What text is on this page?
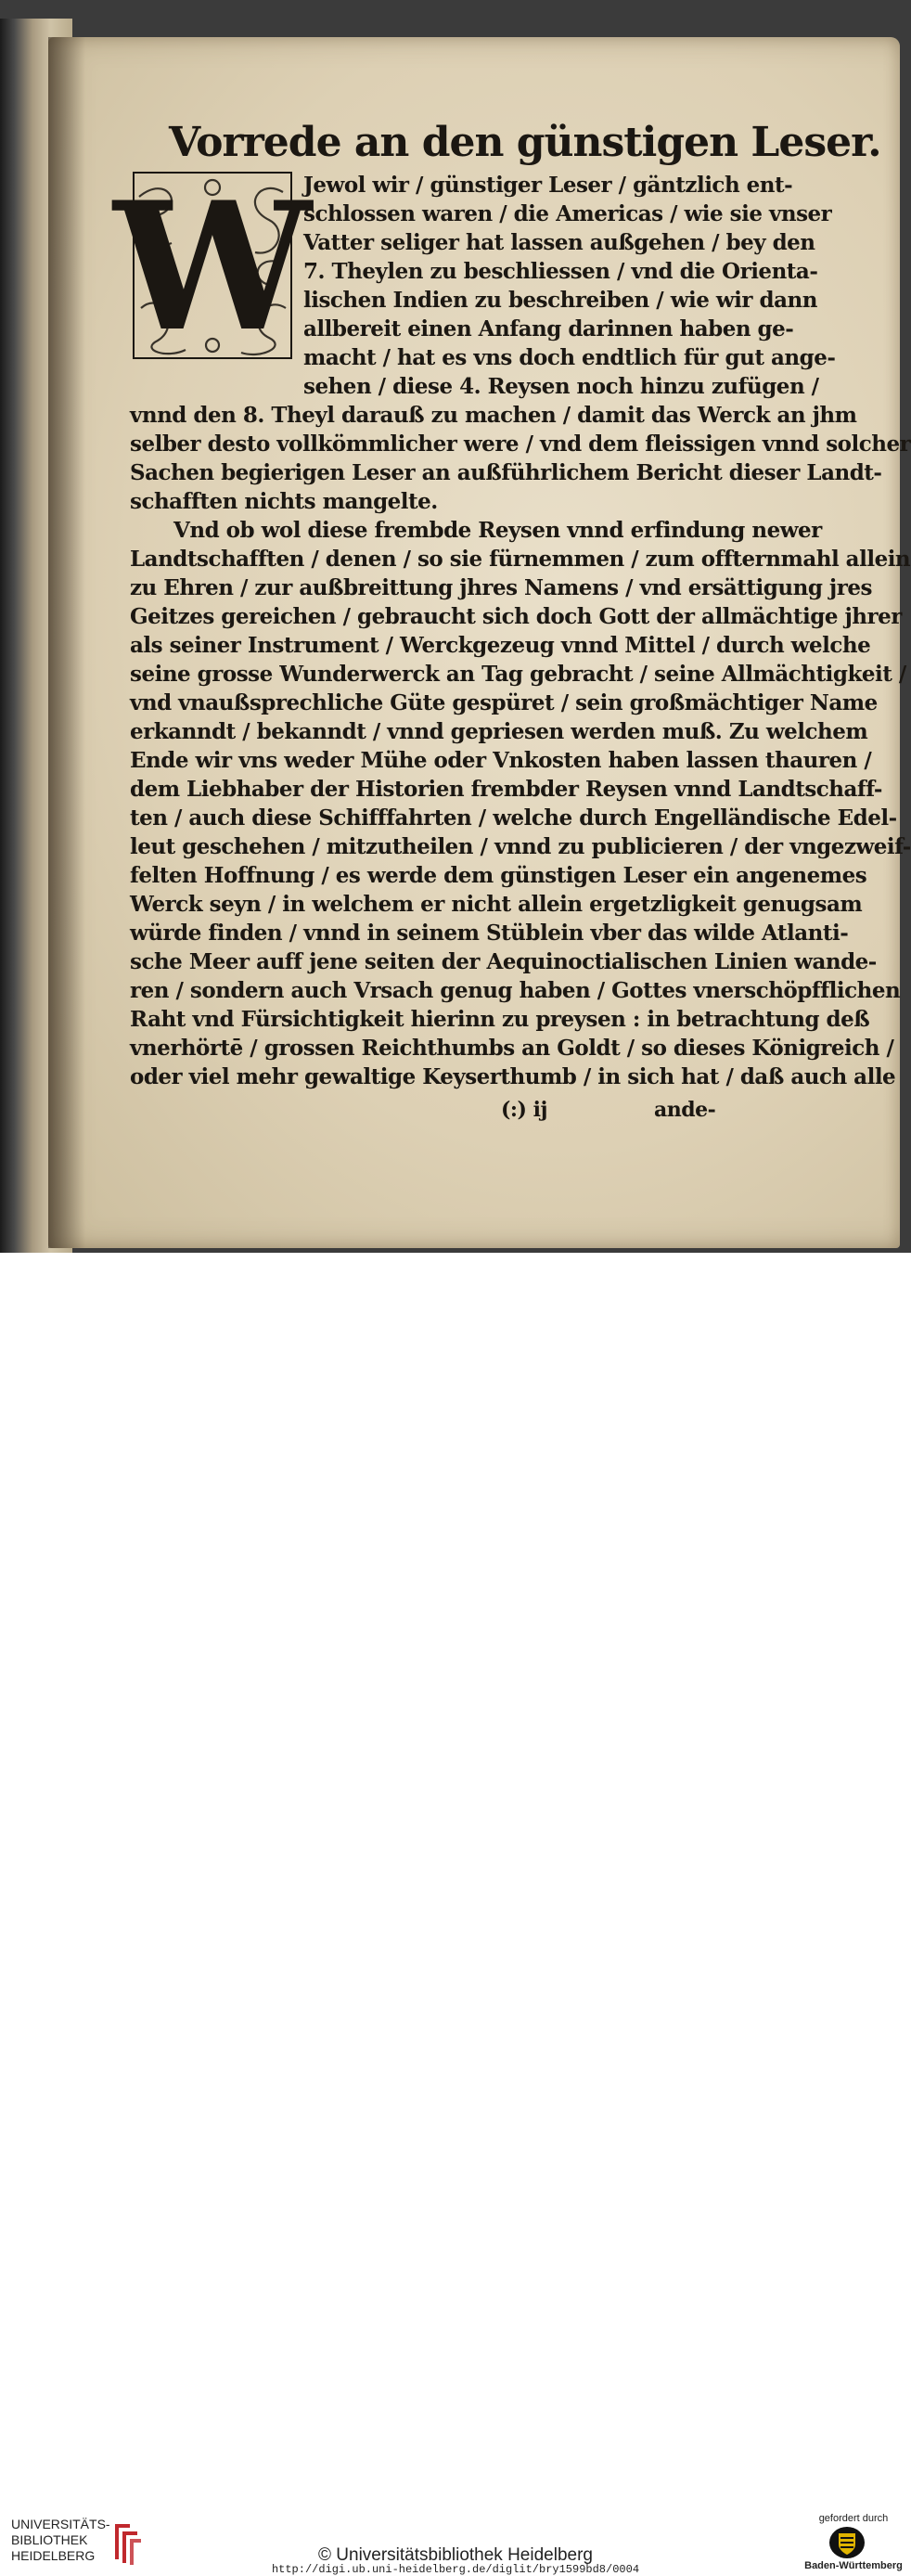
Vorrede an den günstigen Leser.
W

Jewol wir / günstiger Leser / gäntzlich ent-

schlossen waren / die Americas / wie sie vnser

Vatter seliger hat lassen außgehen / bey den

7. Theylen zu beschliessen / vnd die Orienta-

lischen Indien zu beschreiben / wie wir dann

allbereit einen Anfang darinnen haben ge-

macht / hat es vns doch endtlich für gut ange-

sehen / diese 4. Reysen noch hinzu zufügen /

vnnd den 8. Theyl darauß zu machen / damit das Werck an jhm

selber desto vollkömmlicher were / vnd dem fleissigen vnnd solcher

Sachen begierigen Leser an außführlichem Bericht dieser Landt-

schafften nichts mangelte.

Vnd ob wol diese frembde Reysen vnnd erfindung newer

Landtschafften / denen / so sie fürnemmen / zum offternmahl allein

zu Ehren / zur außbreittung jhres Namens / vnd ersättigung jres

Geitzes gereichen / gebraucht sich doch Gott der allmächtige jhrer

als seiner Instrument / Werckgezeug vnnd Mittel / durch welche

seine grosse Wunderwerck an Tag gebracht / seine Allmächtigkeit /

vnd vnaußsprechliche Güte gespüret / sein großmächtiger Name

erkanndt / bekanndt / vnnd gepriesen werden muß. Zu welchem

Ende wir vns weder Mühe oder Vnkosten haben lassen thauren /

dem Liebhaber der Historien frembder Reysen vnnd Landtschaff-

ten / auch diese Schifffahrten / welche durch Engelländische Edel-

leut geschehen / mitzutheilen / vnnd zu publicieren / der vngezweif-

felten Hoffnung / es werde dem günstigen Leser ein angenemes

Werck seyn / in welchem er nicht allein ergetzligkeit genugsam

würde finden / vnnd in seinem Stüblein vber das wilde Atlanti-

sche Meer auff jene seiten der Aequinoctialischen Linien wande-

ren / sondern auch Vrsach genug haben / Gottes vnerschöpfflichen

Raht vnd Fürsichtigkeit hierinn zu preysen : in betrachtung deß

vnerhörtē / grossen Reichthumbs an Goldt / so dieses Königreich /

oder viel mehr gewaltige Keyserthumb / in sich hat / daß auch alle

(:) ij	ande-

UNIVERSITÄTS-
BIBLIOTHEK
HEIDELBERG	© Universitätsbibliothek Heidelberg
http://digi.ub.uni-heidelberg.de/diglit/bry1599bd8/0004
gefordert durch
Baden-Württemberg
